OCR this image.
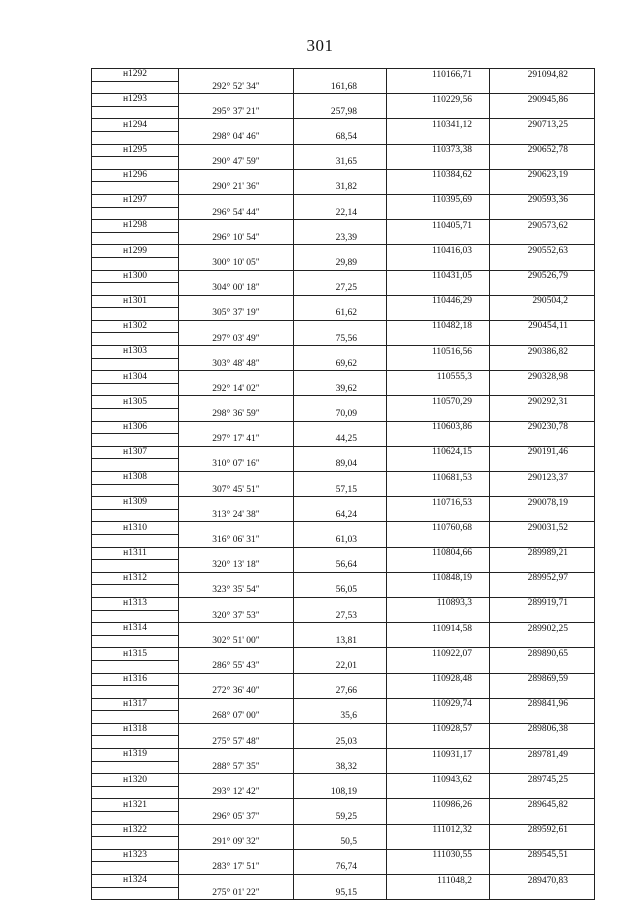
301
н1292			110166,71	291094,82
	292° 52' 34"	161,68		
н1293			110229,56	290945,86
	295° 37' 21"	257,98		
н1294			110341,12	290713,25
	298° 04' 46"	68,54		
н1295			110373,38	290652,78
	290° 47' 59"	31,65		
н1296			110384,62	290623,19
	290° 21' 36"	31,82		
н1297			110395,69	290593,36
	296° 54' 44"	22,14		
н1298			110405,71	290573,62
	296° 10' 54"	23,39		
н1299			110416,03	290552,63
	300° 10' 05"	29,89		
н1300			110431,05	290526,79
	304° 00' 18"	27,25		
н1301			110446,29	290504,2
	305° 37' 19"	61,62		
н1302			110482,18	290454,11
	297° 03' 49"	75,56		
н1303			110516,56	290386,82
	303° 48' 48"	69,62		
н1304			110555,3	290328,98
	292° 14' 02"	39,62		
н1305			110570,29	290292,31
	298° 36' 59"	70,09		
н1306			110603,86	290230,78
	297° 17' 41"	44,25		
н1307			110624,15	290191,46
	310° 07' 16"	89,04		
н1308			110681,53	290123,37
	307° 45' 51"	57,15		
н1309			110716,53	290078,19
	313° 24' 38"	64,24		
н1310			110760,68	290031,52
	316° 06' 31"	61,03		
н1311			110804,66	289989,21
	320° 13' 18"	56,64		
н1312			110848,19	289952,97
	323° 35' 54"	56,05		
н1313			110893,3	289919,71
	320° 37' 53"	27,53		
н1314			110914,58	289902,25
	302° 51' 00"	13,81		
н1315			110922,07	289890,65
	286° 55' 43"	22,01		
н1316			110928,48	289869,59
	272° 36' 40"	27,66		
н1317			110929,74	289841,96
	268° 07' 00"	35,6		
н1318			110928,57	289806,38
	275° 57' 48"	25,03		
н1319			110931,17	289781,49
	288° 57' 35"	38,32		
н1320			110943,62	289745,25
	293° 12' 42"	108,19		
н1321			110986,26	289645,82
	296° 05' 37"	59,25		
н1322			111012,32	289592,61
	291° 09' 32"	50,5		
н1323			111030,55	289545,51
	283° 17' 51"	76,74		
н1324			111048,2	289470,83
	275° 01' 22"	95,15		
